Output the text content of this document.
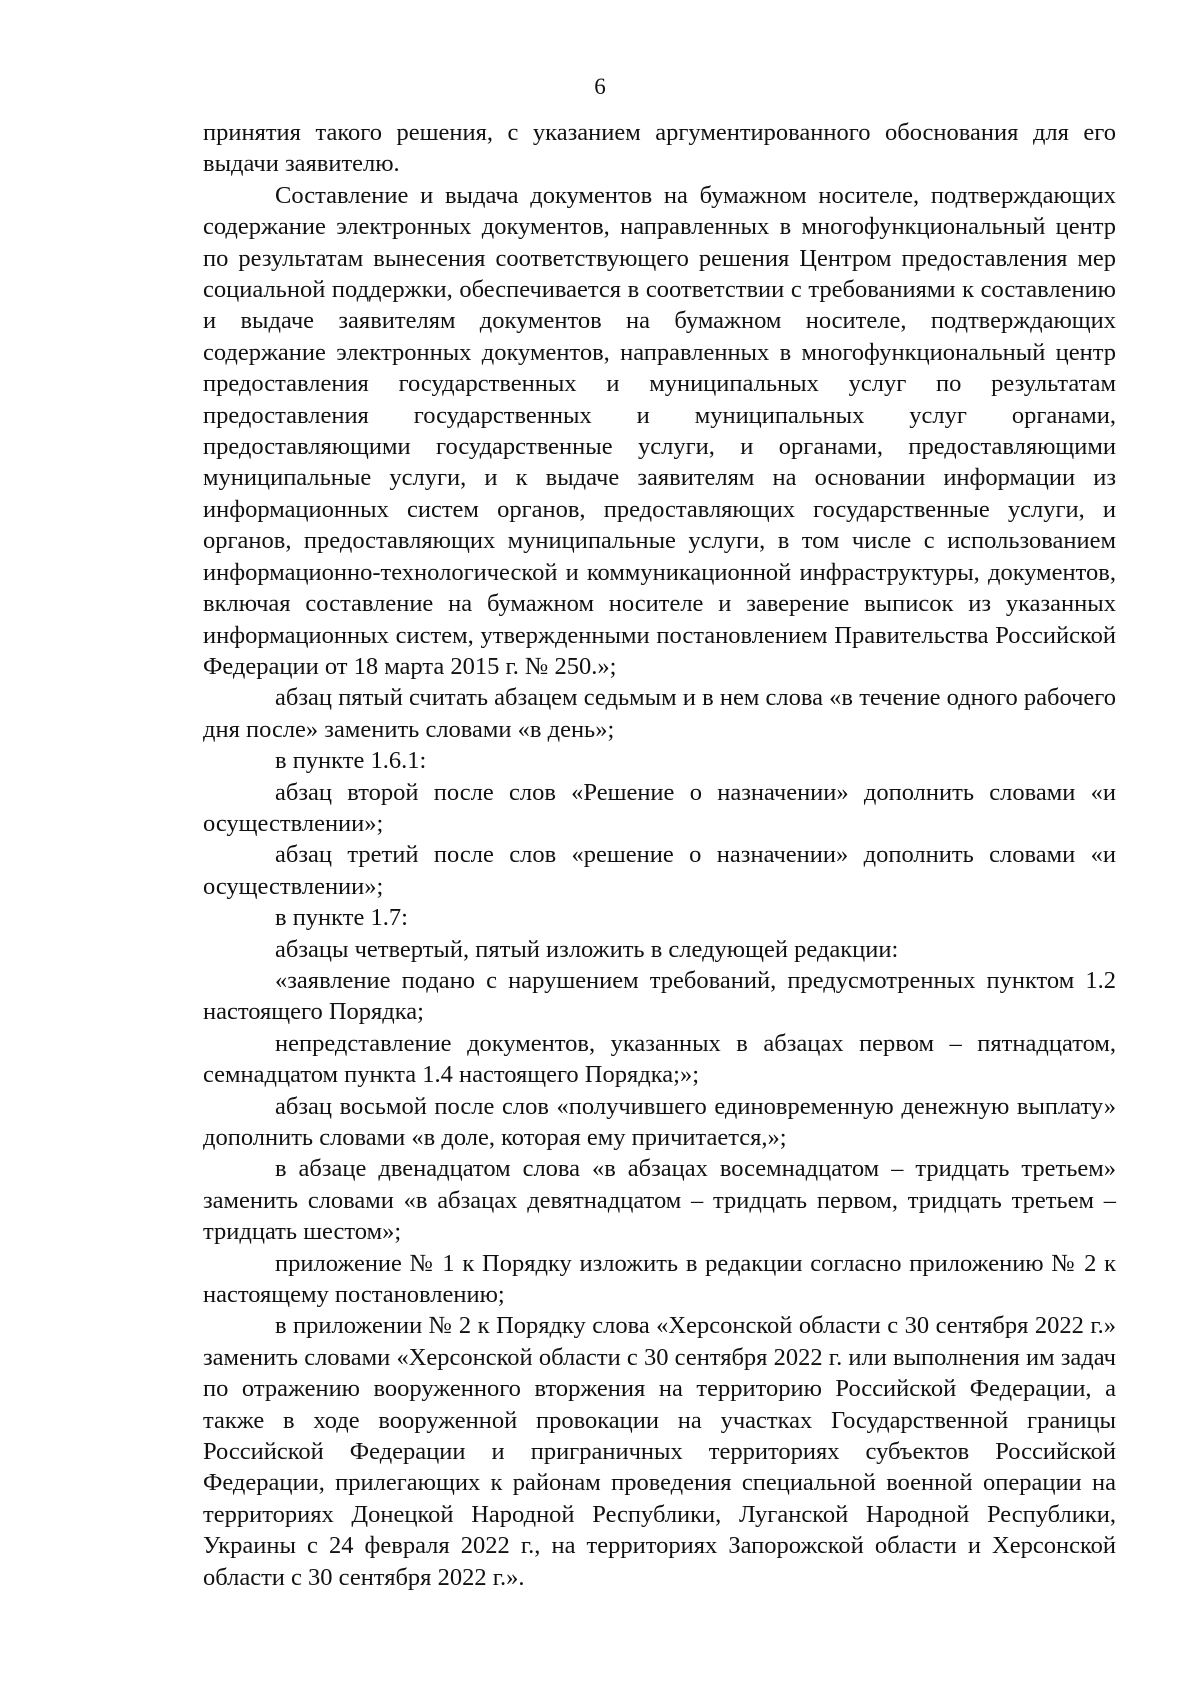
6

принятия такого решения, с указанием аргументированного обоснования для его выдачи заявителю.

Составление и выдача документов на бумажном носителе, подтверждающих содержание электронных документов, направленных в многофункциональный центр по результатам вынесения соответствующего решения Центром предоставления мер социальной поддержки, обеспечивается в соответствии с требованиями к составлению и выдаче заявителям документов на бумажном носителе, подтверждающих содержание электронных документов, направленных в многофункциональный центр предоставления государственных и муниципальных услуг по результатам предоставления государственных и муниципальных услуг органами, предоставляющими государственные услуги, и органами, предоставляющими муниципальные услуги, и к выдаче заявителям на основании информации из информационных систем органов, предоставляющих государственные услуги, и органов, предоставляющих муниципальные услуги, в том числе с использованием информационно-технологической и коммуникационной инфраструктуры, документов, включая составление на бумажном носителе и заверение выписок из указанных информационных систем, утвержденными постановлением Правительства Российской Федерации от 18 марта 2015 г. № 250.»;

абзац пятый считать абзацем седьмым и в нем слова «в течение одного рабочего дня после» заменить словами «в день»;

в пункте 1.6.1:

абзац второй после слов «Решение о назначении» дополнить словами «и осуществлении»;

абзац третий после слов «решение о назначении» дополнить словами «и осуществлении»;

в пункте 1.7:

абзацы четвертый, пятый изложить в следующей редакции:

«заявление подано с нарушением требований, предусмотренных пунктом 1.2 настоящего Порядка;

непредставление документов, указанных в абзацах первом – пятнадцатом, семнадцатом пункта 1.4 настоящего Порядка;»;

абзац восьмой после слов «получившего единовременную денежную выплату» дополнить словами «в доле, которая ему причитается,»;

в абзаце двенадцатом слова «в абзацах восемнадцатом – тридцать третьем» заменить словами «в абзацах девятнадцатом – тридцать первом, тридцать третьем – тридцать шестом»;

приложение № 1 к Порядку изложить в редакции согласно приложению № 2 к настоящему постановлению;

в приложении № 2 к Порядку слова «Херсонской области с 30 сентября 2022 г.» заменить словами «Херсонской области с 30 сентября 2022 г. или выполнения им задач по отражению вооруженного вторжения на территорию Российской Федерации, а также в ходе вооруженной провокации на участках Государственной границы Российской Федерации и приграничных территориях субъектов Российской Федерации, прилегающих к районам проведения специальной военной операции на территориях Донецкой Народной Республики, Луганской Народной Республики, Украины с 24 февраля 2022 г., на территориях Запорожской области и Херсонской области с 30 сентября 2022 г.».
